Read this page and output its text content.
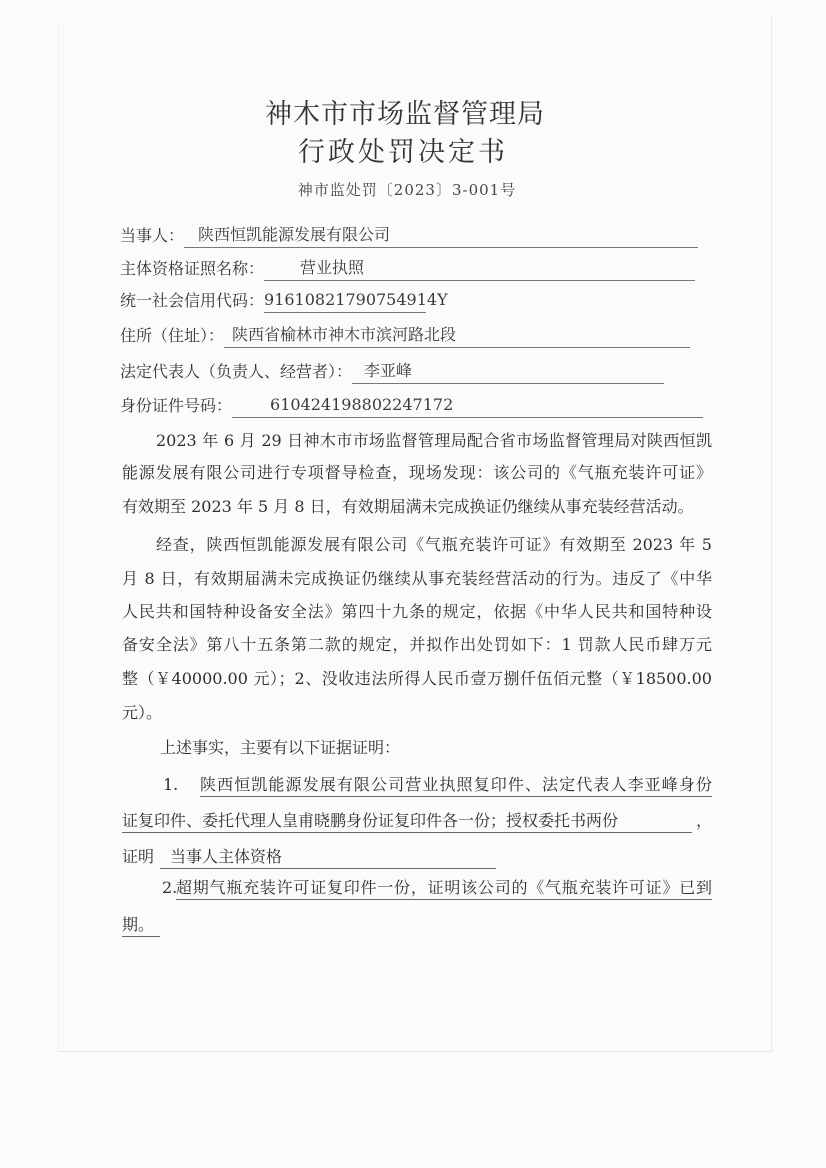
神木市市场监督管理局
行政处罚决定书
神市监处罚〔2023〕3-001号
当事人： 陕西恒凯能源发展有限公司
主体资格证照名称：	营业执照
统一社会信用代码： 91610821790754914Y
住所（住址）： 陕西省榆林市神木市滨河路北段
法定代表人（负责人、经营者）： 李亚峰
身份证件号码：	610424198802247172
2023 年 6 月 29 日神木市市场监督管理局配合省市场监督管理局对陕西恒凯
能源发展有限公司进行专项督导检查，现场发现：该公司的《气瓶充装许可证》
有效期至 2023 年 5 月 8 日，有效期届满未完成换证仍继续从事充装经营活动。
经查，陕西恒凯能源发展有限公司《气瓶充装许可证》有效期至 2023 年 5
月 8 日，有效期届满未完成换证仍继续从事充装经营活动的行为。违反了《中华
人民共和国特种设备安全法》第四十九条的规定，依据《中华人民共和国特种设
备安全法》第八十五条第二款的规定，并拟作出处罚如下：1 罚款人民币肆万元
整（￥40000.00 元）；2、没收违法所得人民币壹万捌仟伍佰元整（￥18500.00
元）。
上述事实，主要有以下证据证明：
1.	陕西恒凯能源发展有限公司营业执照复印件、法定代表人李亚峰身份
证复印件、委托代理人皇甫晓鹏身份证复印件各一份；授权委托书两份	，
证明	当事人主体资格
2.
超期气瓶充装许可证复印件一份，证明该公司的《气瓶充装许可证》已到
期。
